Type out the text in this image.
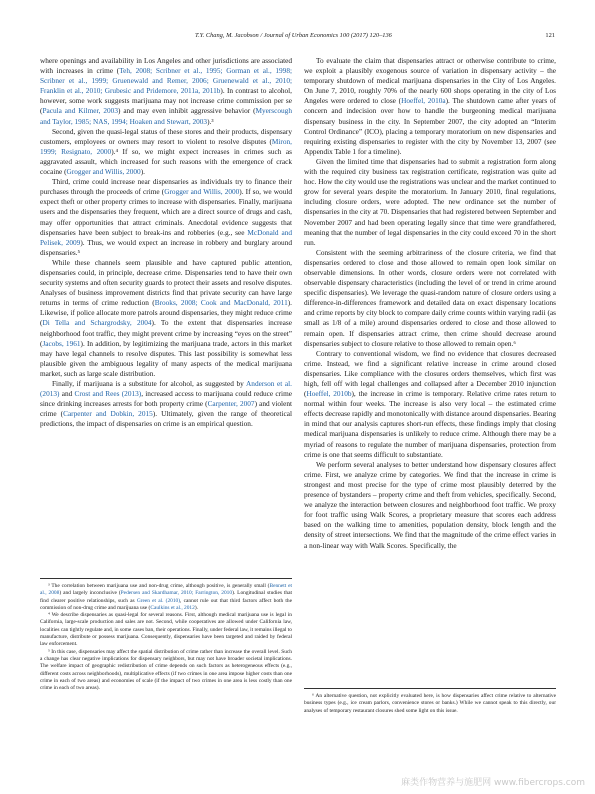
T.Y. Chang, M. Jacobson / Journal of Urban Economics 100 (2017) 120–136	121

where openings and availability in Los Angeles and other jurisdictions are associated with increases in crime (Teh, 2008; Scribner et al., 1995; Gorman et al., 1998; Scribner et al., 1999; Gruenewald and Remer, 2006; Gruenewald et al., 2010; Franklin et al., 2010; Grubesic and Pridemore, 2011a, 2011b). In contrast to alcohol, however, some work suggests marijuana may not increase crime commission per se (Pacula and Kilmer, 2003) and may even inhibit aggressive behavior (Myerscough and Taylor, 1985; NAS, 1994; Hoaken and Stewart, 2003).³

Second, given the quasi-legal status of these stores and their products, dispensary customers, employees or owners may resort to violent to resolve disputes (Miron, 1999; Resignato, 2000).⁴ If so, we might expect increases in crimes such as aggravated assault, which increased for such reasons with the emergence of crack cocaine (Grogger and Willis, 2000).

Third, crime could increase near dispensaries as individuals try to finance their purchases through the proceeds of crime (Grogger and Willis, 2000). If so, we would expect theft or other property crimes to increase with dispensaries. Finally, marijuana users and the dispensaries they frequent, which are a direct source of drugs and cash, may offer opportunities that attract criminals. Anecdotal evidence suggests that dispensaries have been subject to break-ins and robberies (e.g., see McDonald and Pelisek, 2009). Thus, we would expect an increase in robbery and burglary around dispensaries.⁵

While these channels seem plausible and have captured public attention, dispensaries could, in principle, decrease crime. Dispensaries tend to have their own security systems and often security guards to protect their assets and resolve disputes. Analyses of business improvement districts find that private security can have large returns in terms of crime reduction (Brooks, 2008; Cook and MacDonald, 2011). Likewise, if police allocate more patrols around dispensaries, they might reduce crime (Di Tella and Schargrodsky, 2004). To the extent that dispensaries increase neighborhood foot traffic, they might prevent crime by increasing “eyes on the street” (Jacobs, 1961). In addition, by legitimizing the marijuana trade, actors in this market may have legal channels to resolve disputes. This last possibility is somewhat less plausible given the ambiguous legality of many aspects of the medical marijuana market, such as large scale distribution.

Finally, if marijuana is a substitute for alcohol, as suggested by Anderson et al. (2013) and Crost and Rees (2013), increased access to marijuana could reduce crime since drinking increases arrests for both property crime (Carpenter, 2007) and violent crime (Carpenter and Dobkin, 2015). Ultimately, given the range of theoretical predictions, the impact of dispensaries on crime is an empirical question.

To evaluate the claim that dispensaries attract or otherwise contribute to crime, we exploit a plausibly exogenous source of variation in dispensary activity – the temporary shutdown of medical marijuana dispensaries in the City of Los Angeles. On June 7, 2010, roughly 70% of the nearly 600 shops operating in the city of Los Angeles were ordered to close (Hoeffel, 2010a). The shutdown came after years of concern and indecision over how to handle the burgeoning medical marijuana dispensary business in the city. In September 2007, the city adopted an “Interim Control Ordinance” (ICO), placing a temporary moratorium on new dispensaries and requiring existing dispensaries to register with the city by November 13, 2007 (see Appendix Table 1 for a timeline).

Given the limited time that dispensaries had to submit a registration form along with the required city business tax registration certificate, registration was quite ad hoc. How the city would use the registrations was unclear and the market continued to grow for several years despite the moratorium. In January 2010, final regulations, including closure orders, were adopted. The new ordinance set the number of dispensaries in the city at 70. Dispensaries that had registered between September and November 2007 and had been operating legally since that time were grandfathered, meaning that the number of legal dispensaries in the city could exceed 70 in the short run.

Consistent with the seeming arbitrariness of the closure criteria, we find that dispensaries ordered to close and those allowed to remain open look similar on observable dimensions. In other words, closure orders were not correlated with observable dispensary characteristics (including the level of or trend in crime around specific dispensaries). We leverage the quasi-random nature of closure orders using a difference-in-differences framework and detailed data on exact dispensary locations and crime reports by city block to compare daily crime counts within varying radii (as small as 1/8 of a mile) around dispensaries ordered to close and those allowed to remain open. If dispensaries attract crime, then crime should decrease around dispensaries subject to closure relative to those allowed to remain open.⁶

Contrary to conventional wisdom, we find no evidence that closures decreased crime. Instead, we find a significant relative increase in crime around closed dispensaries. Like compliance with the closures orders themselves, which first was high, fell off with legal challenges and collapsed after a December 2010 injunction (Hoeffel, 2010b), the increase in crime is temporary. Relative crime rates return to normal within four weeks. The increase is also very local – the estimated crime effects decrease rapidly and monotonically with distance around dispensaries. Bearing in mind that our analysis captures short-run effects, these findings imply that closing medical marijuana dispensaries is unlikely to reduce crime. Although there may be a myriad of reasons to regulate the number of marijuana dispensaries, protection from crime is one that seems difficult to substantiate.

We perform several analyses to better understand how dispensary closures affect crime. First, we analyze crime by categories. We find that the increase in crime is strongest and most precise for the type of crime most plausibly deterred by the presence of bystanders – property crime and theft from vehicles, specifically. Second, we analyze the interaction between closures and neighborhood foot traffic. We proxy for foot traffic using Walk Scores, a proprietary measure that scores each address based on the walking time to amenities, population density, block length and the density of street intersections. We find that the magnitude of the crime effect varies in a non-linear way with Walk Scores. Specifically, the

³ The correlation between marijuana use and non-drug crime, although positive, is generally small (Bennett et al., 2008) and largely inconclusive (Pedersen and Skardhamar, 2010; Farrington, 2010). Longitudinal studies that find clearer positive relationships, such as Green et al. (2010), cannot rule out that third factors affect both the commission of non-drug crime and marijuana use (Caulkins et al., 2012).

⁴ We describe dispensaries as quasi-legal for several reasons. First, although medical marijuana use is legal in California, large-scale production and sales are not. Second, while cooperatives are allowed under California law, localities can tightly regulate and, in some cases ban, their operations. Finally, under federal law, it remains illegal to manufacture, distribute or possess marijuana. Consequently, dispensaries have been targeted and raided by federal law enforcement.

⁵ In this case, dispensaries may affect the spatial distribution of crime rather than increase the overall level. Such a change has clear negative implications for dispensary neighbors, but may not have broader societal implications. The welfare impact of geographic redistribution of crime depends on such factors as heterogeneous effects (e.g., different costs across neighborhoods), multiplicative effects (if two crimes in one area impose higher costs than one crime in each of two areas) and economies of scale (if the impact of two crimes in one area is less costly than one crime in each of two areas).

⁶ An alternative question, not explicitly evaluated here, is how dispensaries affect crime relative to alternative business types (e.g., ice cream parlors, convenience stores or banks.) While we cannot speak to this directly, our analyses of temporary restaurant closures shed some light on this issue.

麻类作物营养与施肥网 www.fibercrops.com
